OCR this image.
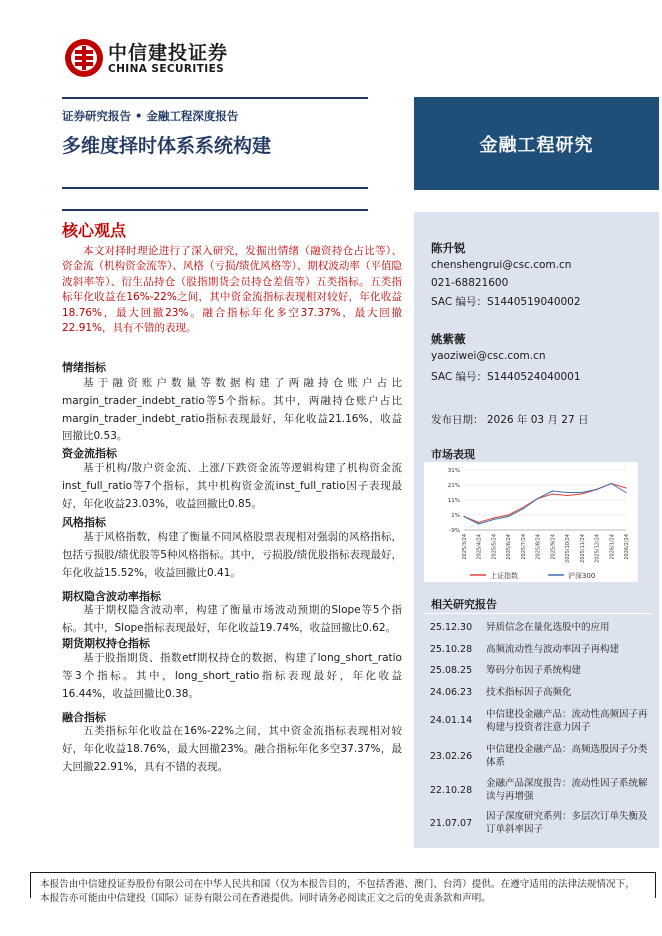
中信建投证券
CHINA SECURITIES
证券研究报告 • 金融工程深度报告
多维度择时体系系统构建	金融工程研究
陈升锐
chenshengrui@csc.com.cn
021-68821600
SAC 编号：S1440519040002
姚紫薇
yaoziwei@csc.com.cn
SAC 编号：S1440524040001
发布日期： 2026 年 03 月 27 日
市场表现
31%
21%
11%
1%
-9%
2025/3/24 2025/4/24 2025/5/24 2025/6/24 2025/7/24 2025/8/24 2025/9/24 2025/10/24 2025/11/24 2025/12/24 2026/1/24 2026/2/24
上证指数	沪深300
相关研究报告
25.12.30	异质信念在量化选股中的应用
25.10.28	高频流动性与波动率因子再构建
25.08.25	筹码分布因子系统构建
24.06.23	技术指标因子高频化
24.01.14
中信建投金融产品：流动性高频因子再构建与投资者注意力因子
23.02.26
中信建投金融产品：高频选股因子分类体系
22.10.28
金融产品深度报告：流动性因子系统解读与再增强
21.07.07
因子深度研究系列：多层次订单失衡及订单斜率因子
核心观点
本文对择时理论进行了深入研究，发掘出情绪（融资持仓占比等）、资金流（机构资金流等）、风格（亏损/绩优风格等）、期权波动率（平值隐波斜率等）、衍生品持仓（股指期货会员持仓差值等）五类指标。五类指标年化收益在16%-22%之间，其中资金流指标表现相对较好，年化收益18.76%，最大回撤23%。融合指标年化多空37.37%，最大回撤22.91%，具有不错的表现。
情绪指标
基于融资账户数量等数据构建了两融持仓账户占比margin_trader_indebt_ratio等5个指标。其中，两融持仓账户占比margin_trader_indebt_ratio指标表现最好，年化收益21.16%，收益回撤比0.53。
资金流指标
基于机构/散户资金流、上涨/下跌资金流等逻辑构建了机构资金流inst_full_ratio等7个指标，其中机构资金流inst_full_ratio因子表现最好，年化收益23.03%，收益回撤比0.85。
风格指标
基于风格指数，构建了衡量不同风格股票表现相对强弱的风格指标，包括亏损股/绩优股等5种风格指标。其中，亏损股/绩优股指标表现最好，年化收益15.52%，收益回撤比0.41。
期权隐含波动率指标
基于期权隐含波动率，构建了衡量市场波动预期的Slope等5个指标。其中，Slope指标表现最好，年化收益19.74%，收益回撤比0.62。
期货期权持仓指标
基于股指期货、指数etf期权持仓的数据，构建了long_short_ratio等3个指标。其中，long_short_ratio指标表现最好，年化收益16.44%，收益回撤比0.38。
融合指标
五类指标年化收益在16%-22%之间，其中资金流指标表现相对较好，年化收益18.76%，最大回撤23%。融合指标年化多空37.37%，最大回撤22.91%，具有不错的表现。
本报告由中信建投证券股份有限公司在中华人民共和国（仅为本报告目的，不包括香港、澳门、台湾）提供。在遵守适用的法律法规情况下，
本报告亦可能由中信建投（国际）证券有限公司在香港提供。同时请务必阅读正文之后的免责条款和声明。
